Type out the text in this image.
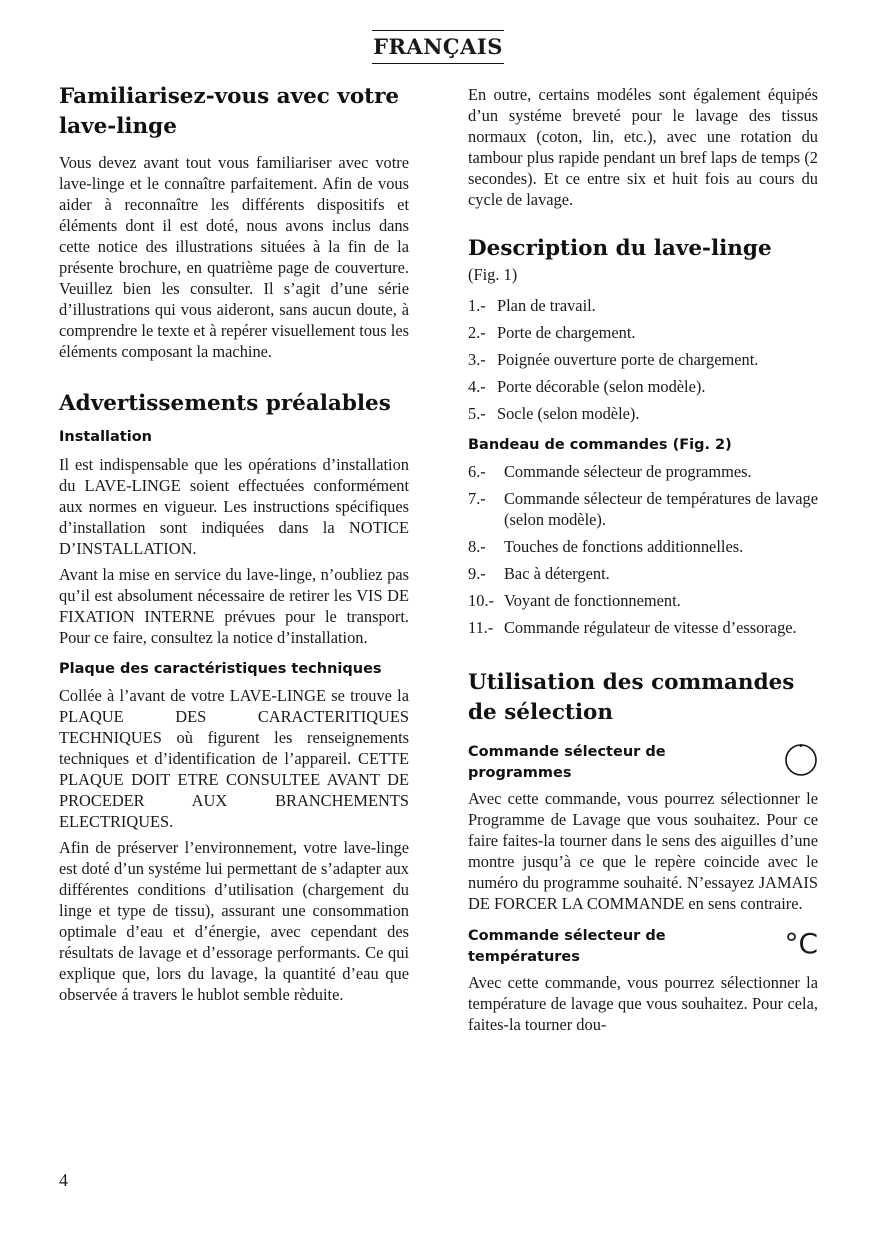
FRANÇAIS
Familiarisez-vous avec votre lave-linge

Vous devez avant tout vous familiariser avec votre lave-linge et le connaître parfaitement. Afin de vous aider à reconnaître les différents dispositifs et éléments dont il est doté, nous avons inclus dans cette notice des illustrations situées à la fin de la présente brochure, en quatrième page de couverture. Veuillez bien les consulter. Il s’agit d’une série d’illustrations qui vous aideront, sans aucun doute, à comprendre le texte et à repérer visuellement tous les éléments composant la machine.

Advertissements préalables
Installation

Il est indispensable que les opérations d’installation du LAVE-LINGE soient effectuées conformément aux normes en vigueur. Les instructions spécifiques d’installation sont indiquées dans la NOTICE D’INSTALLATION.

Avant la mise en service du lave-linge, n’oubliez pas qu’il est absolument nécessaire de retirer les VIS DE FIXATION INTERNE prévues pour le transport. Pour ce faire, consultez la notice d’installation.

Plaque des caractéristiques techniques

Collée à l’avant de votre LAVE-LINGE se trouve la PLAQUE DES CARACTERITIQUES TECHNIQUES où figurent les renseignements techniques et d’identification de l’appareil. CETTE PLAQUE DOIT ETRE CONSULTEE AVANT DE PROCEDER AUX BRANCHEMENTS ELECTRIQUES.

Afin de préserver l’environnement, votre lave-linge est doté d’un systéme lui permettant de s’adapter aux différentes conditions d’utilisation (chargement du linge et type de tissu), assurant une consommation optimale d’eau et d’énergie, avec cependant des résultats de lavage et d’essorage performants. Ce qui explique que, lors du lavage, la quantité d’eau que observée á travers le hublot semble rèduite.

En outre, certains modéles sont également équipés d’un systéme breveté pour le lavage des tissus normaux (coton, lin, etc.), avec une rotation du tambour plus rapide pendant un bref laps de temps (2 secondes). Et ce entre six et huit fois au cours du cycle de lavage.

Description du lave-linge

(Fig. 1)

1.- Plan de travail.
2.- Porte de chargement.
3.- Poignée ouverture porte de chargement.
4.- Porte décorable (selon modèle).
5.- Socle (selon modèle).
Bandeau de commandes (Fig. 2)
6.-	Commande sélecteur de programmes.
7.-	Commande sélecteur de températures de lavage (selon modèle).
8.-	Touches de fonctions additionnelles.
9.-	Bac à détergent.
10.- Voyant de fonctionnement.
11.- Commande régulateur de vitesse d’essorage.
Utilisation des commandes de sélection
Commande sélecteur de programmes

Avec cette commande, vous pourrez sélectionner le Programme de Lavage que vous souhaitez. Pour ce faire faites-la tourner dans le sens des aiguilles d’une montre jusqu’à ce que le repère coincide avec le numéro du programme souhaité. N’essayez JAMAIS DE FORCER LA COMMANDE en sens contraire.

Commande sélecteur de températures	°C

Avec cette commande, vous pourrez sélectionner la température de lavage que vous souhaitez. Pour cela, faites-la tourner dou-

4
